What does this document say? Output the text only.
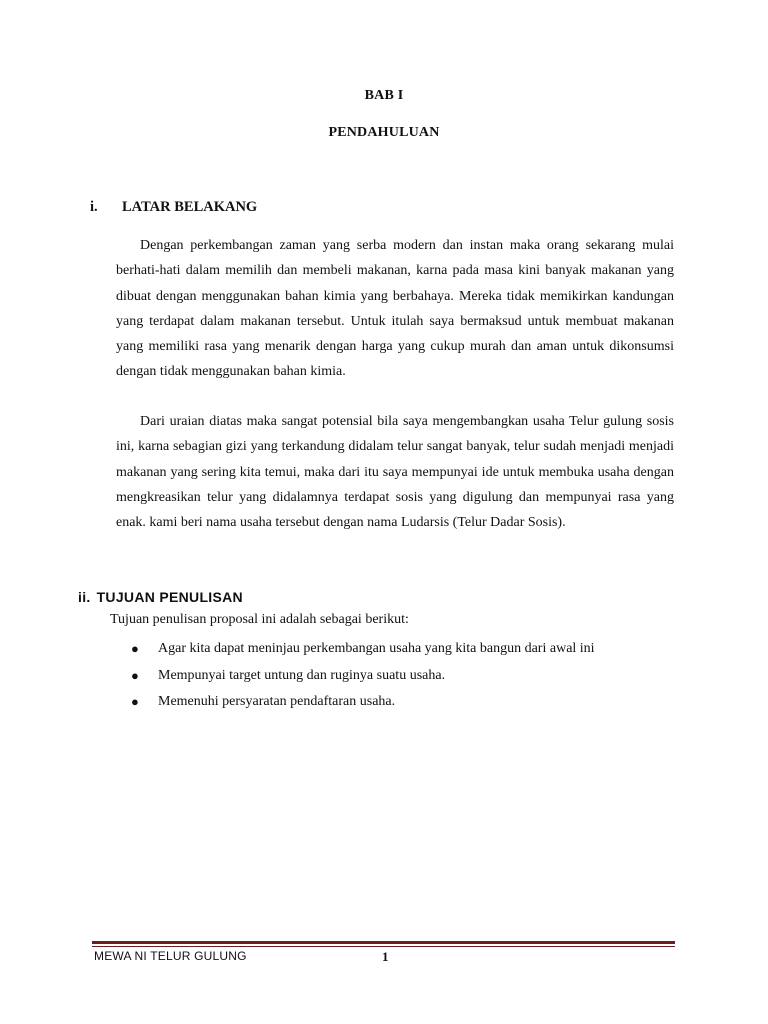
BAB I
PENDAHULUAN
i. LATAR BELAKANG

Dengan perkembangan zaman yang serba modern dan instan maka orang sekarang mulai berhati-hati dalam memilih dan membeli makanan, karna pada masa kini banyak makanan yang dibuat dengan menggunakan bahan kimia yang berbahaya. Mereka tidak memikirkan kandungan yang terdapat dalam makanan tersebut. Untuk itulah saya bermaksud untuk membuat makanan yang memiliki rasa yang menarik dengan harga yang cukup murah dan aman untuk dikonsumsi dengan tidak menggunakan bahan kimia.

Dari uraian diatas maka sangat potensial bila saya mengembangkan usaha Telur gulung sosis ini, karna sebagian gizi yang terkandung didalam telur sangat banyak, telur sudah menjadi menjadi makanan yang sering kita temui, maka dari itu saya mempunyai ide untuk membuka usaha dengan mengkreasikan telur yang didalamnya terdapat sosis yang digulung dan mempunyai rasa yang enak. kami beri nama usaha tersebut dengan nama Ludarsis (Telur Dadar Sosis).

ii. TUJUAN PENULISAN

Tujuan penulisan proposal ini adalah sebagai berikut:

● Agar kita dapat meninjau perkembangan usaha yang kita bangun dari awal ini
● Mempunyai target untung dan ruginya suatu usaha.
● Memenuhi persyaratan pendaftaran usaha.
MEWA NI TELUR GULUNG	1
